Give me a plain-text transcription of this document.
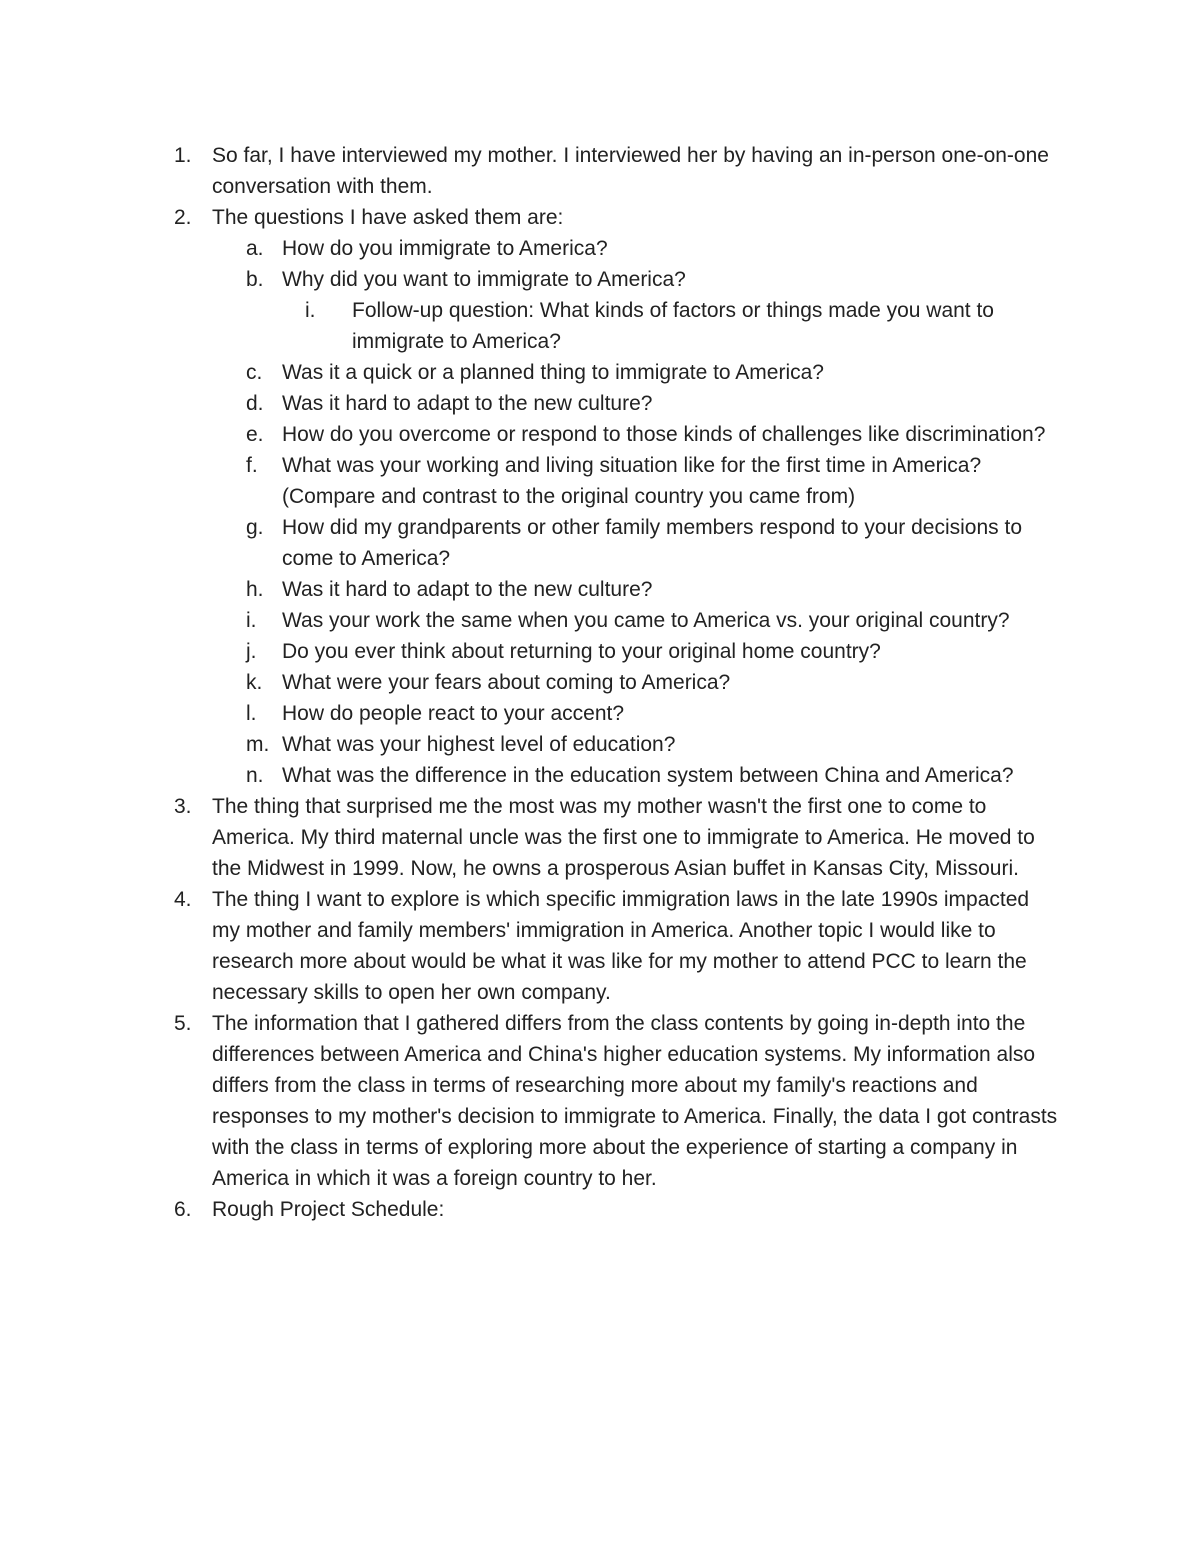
1. So far, I have interviewed my mother. I interviewed her by having an in-person one-on-one conversation with them.
2. The questions I have asked them are:
a. How do you immigrate to America?
b. Why did you want to immigrate to America?
i. Follow-up question: What kinds of factors or things made you want to immigrate to America?
c. Was it a quick or a planned thing to immigrate to America?
d. Was it hard to adapt to the new culture?
e. How do you overcome or respond to those kinds of challenges like discrimination?
f. What was your working and living situation like for the first time in America? (Compare and contrast to the original country you came from)
g. How did my grandparents or other family members respond to your decisions to come to America?
h. Was it hard to adapt to the new culture?
i. Was your work the same when you came to America vs. your original country?
j. Do you ever think about returning to your original home country?
k. What were your fears about coming to America?
l. How do people react to your accent?
m. What was your highest level of education?
n. What was the difference in the education system between China and America?
3. The thing that surprised me the most was my mother wasn't the first one to come to America. My third maternal uncle was the first one to immigrate to America. He moved to the Midwest in 1999. Now, he owns a prosperous Asian buffet in Kansas City, Missouri.
4. The thing I want to explore is which specific immigration laws in the late 1990s impacted my mother and family members' immigration in America. Another topic I would like to research more about would be what it was like for my mother to attend PCC to learn the necessary skills to open her own company.
5. The information that I gathered differs from the class contents by going in-depth into the differences between America and China's higher education systems. My information also differs from the class in terms of researching more about my family's reactions and responses to my mother's decision to immigrate to America. Finally, the data I got contrasts with the class in terms of exploring more about the experience of starting a company in America in which it was a foreign country to her.
6. Rough Project Schedule:
